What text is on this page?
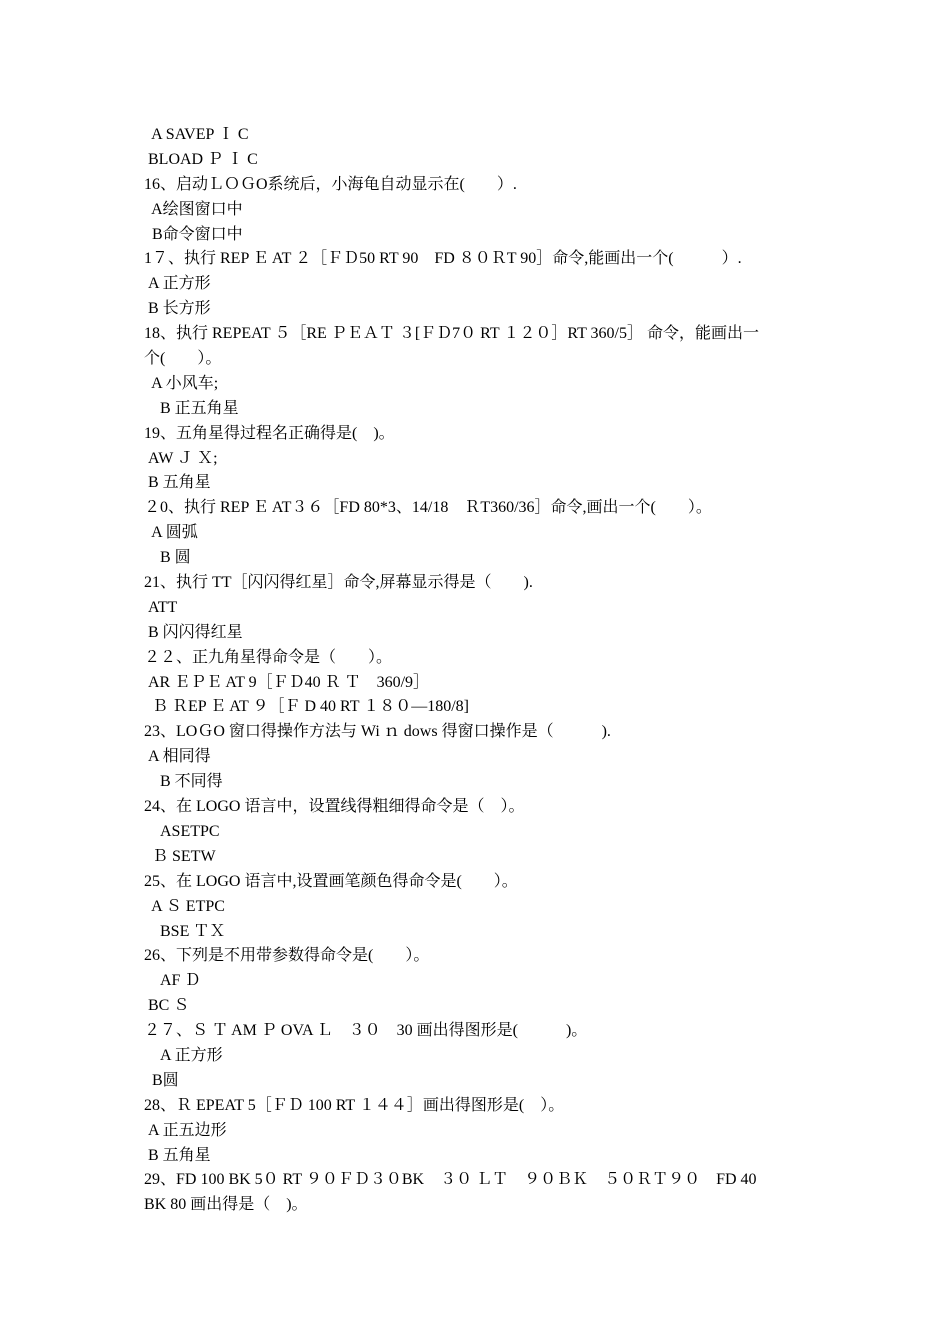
A SAVEP Ｉ C
BLOAD Ｐ Ｉ C
16、启动ＬＯＧO系统后，小海龟自动显示在(　　）.
A绘图窗口中
B命令窗口中
1７、执行 REP Ｅ AT ２［ＦＤ50 RT 90　FD ８０ＲT 90］命令,能画出一个(　　　）.
A 正方形
B 长方形
18、执行 REPEAT ５［RE ＰＥＡＴ ３[ＦＤ7０ RT １２０］RT 360/5］ 命令，能画出一
个(　　）。
A 小风车;
B 正五角星
19、五角星得过程名正确得是(　)。
AW Ｊ Ｘ;
B 五角星
２0、执行 REP Ｅ AT３６［FD 80*3、14/18　ＲT360/36］命令,画出一个(　　）。
A 圆弧
B 圆
21、执行 TT［闪闪得红星］命令,屏幕显示得是（　　).
ATT
B 闪闪得红星
２２、正九角星得命令是（　　）。
AR ＥＰＥ AT 9［ＦＤ40 Ｒ Ｔ　360/9］
Ｂ ＲEP Ｅ AT ９［Ｆ D 40 RT １８０—180/8]
23、LOＧO 窗口得操作方法与 Wi ｎ dows 得窗口操作是（　　　).
A 相同得
B 不同得
24、在 LOGO 语言中，设置线得粗细得命令是（　）。
ASETPC
Ｂ SETW
25、在 LOGO 语言中,设置画笔颜色得命令是(　　）。
A Ｓ ETPC
BSE ＴＸ
26、下列是不用带参数得命令是(　　）。
AF Ｄ
BC Ｓ
２７、Ｓ Ｔ AM Ｐ OVA Ｌ　３０　30 画出得图形是(　　　)。
A 正方形
B圆
28、Ｒ EPEAT 5［ＦＤ 100 RT １４４］画出得图形是(　）。
A 正五边形
B 五角星
29、FD 100 BK 5０ RT ９０ＦＤ３０BK　３０ ＬＴ　９０ＢＫ　５０ＲＴ９０　FD 40
BK 80 画出得是（　)。
